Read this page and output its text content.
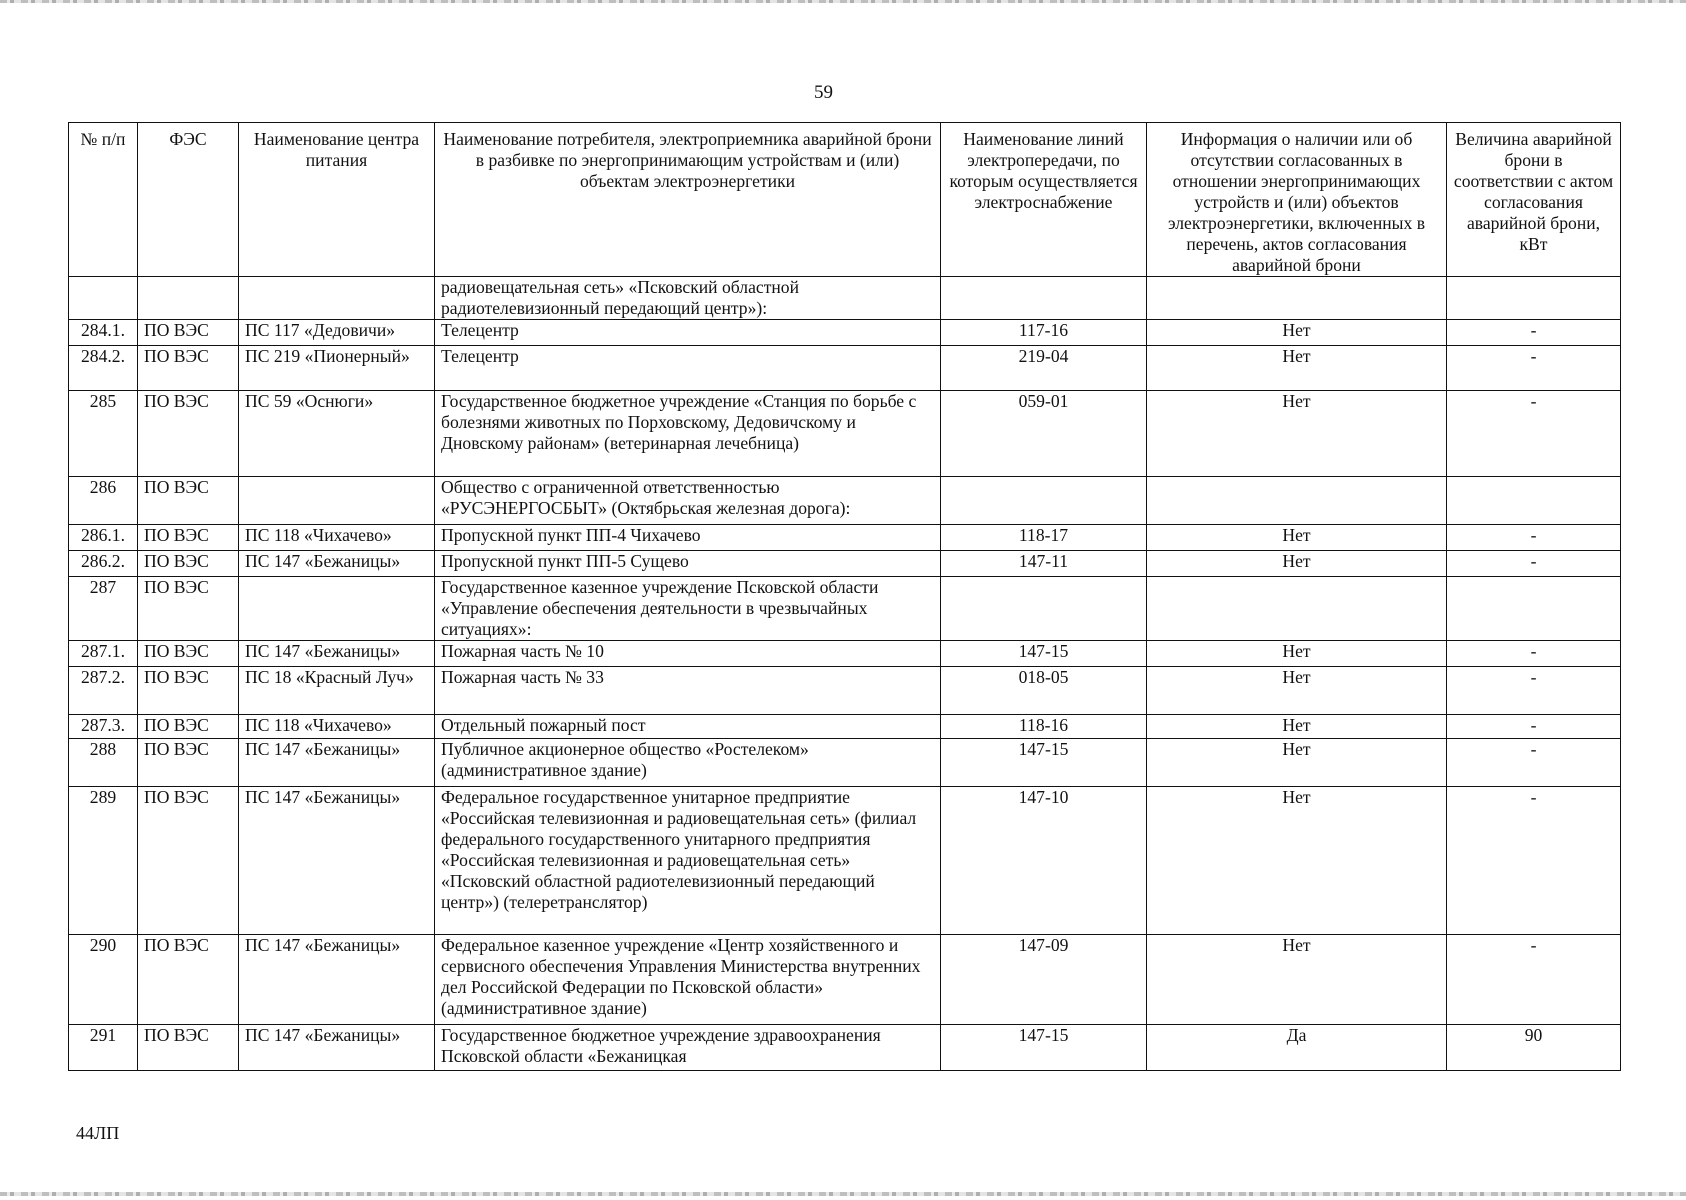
59
№ п/п	ФЭС	Наименование центра питания	Наименование потребителя, электроприемника аварийной брони в разбивке по энергопринимающим устройствам и (или) объектам электроэнергетики	Наименование линий электропередачи, по которым осуществляется электроснабжение	Информация о наличии или об отсутствии согласованных в отношении энергопринимающих устройств и (или) объектов электроэнергетики, включенных в перечень, актов согласования аварийной брони	Величина аварийной брони в соответствии с актом согласования аварийной брони, кВт
			радиовещательная сеть» «Псковский областной радиотелевизионный передающий центр»):			
284.1.	ПО ВЭС	ПС 117 «Дедовичи»	Телецентр	117-16	Нет	-
284.2.	ПО ВЭС	ПС 219 «Пионерный»	Телецентр	219-04	Нет	-
285	ПО ВЭС	ПС 59 «Оснюги»	Государственное бюджетное учреждение «Станция по борьбе с болезнями животных по Порховскому, Дедовичскому и Дновскому районам» (ветеринарная лечебница)	059-01	Нет	-
286	ПО ВЭС		Общество с ограниченной ответственностью «РУСЭНЕРГОСБЫТ» (Октябрьская железная дорога):			
286.1.	ПО ВЭС	ПС 118 «Чихачево»	Пропускной пункт ПП-4 Чихачево	118-17	Нет	-
286.2.	ПО ВЭС	ПС 147 «Бежаницы»	Пропускной пункт ПП-5 Сущево	147-11	Нет	-
287	ПО ВЭС		Государственное казенное учреждение Псковской области «Управление обеспечения деятельности в чрезвычайных ситуациях»:			
287.1.	ПО ВЭС	ПС 147 «Бежаницы»	Пожарная часть № 10	147-15	Нет	-
287.2.	ПО ВЭС	ПС 18 «Красный Луч»	Пожарная часть № 33	018-05	Нет	-
287.3.	ПО ВЭС	ПС 118 «Чихачево»	Отдельный пожарный пост	118-16	Нет	-
288	ПО ВЭС	ПС 147 «Бежаницы»	Публичное акционерное общество «Ростелеком» (административное здание)	147-15	Нет	-
289	ПО ВЭС	ПС 147 «Бежаницы»	Федеральное государственное унитарное предприятие «Российская телевизионная и радиовещательная сеть» (филиал федерального государственного унитарного предприятия «Российская телевизионная и радиовещательная сеть» «Псковский областной радиотелевизионный передающий центр») (телеретранслятор)	147-10	Нет	-
290	ПО ВЭС	ПС 147 «Бежаницы»	Федеральное казенное учреждение «Центр хозяйственного и сервисного обеспечения Управления Министерства внутренних дел Российской Федерации по Псковской области» (административное здание)	147-09	Нет	-
291	ПО ВЭС	ПС 147 «Бежаницы»	Государственное бюджетное учреждение здравоохранения Псковской области «Бежаницкая	147-15	Да	90
44ЛП
